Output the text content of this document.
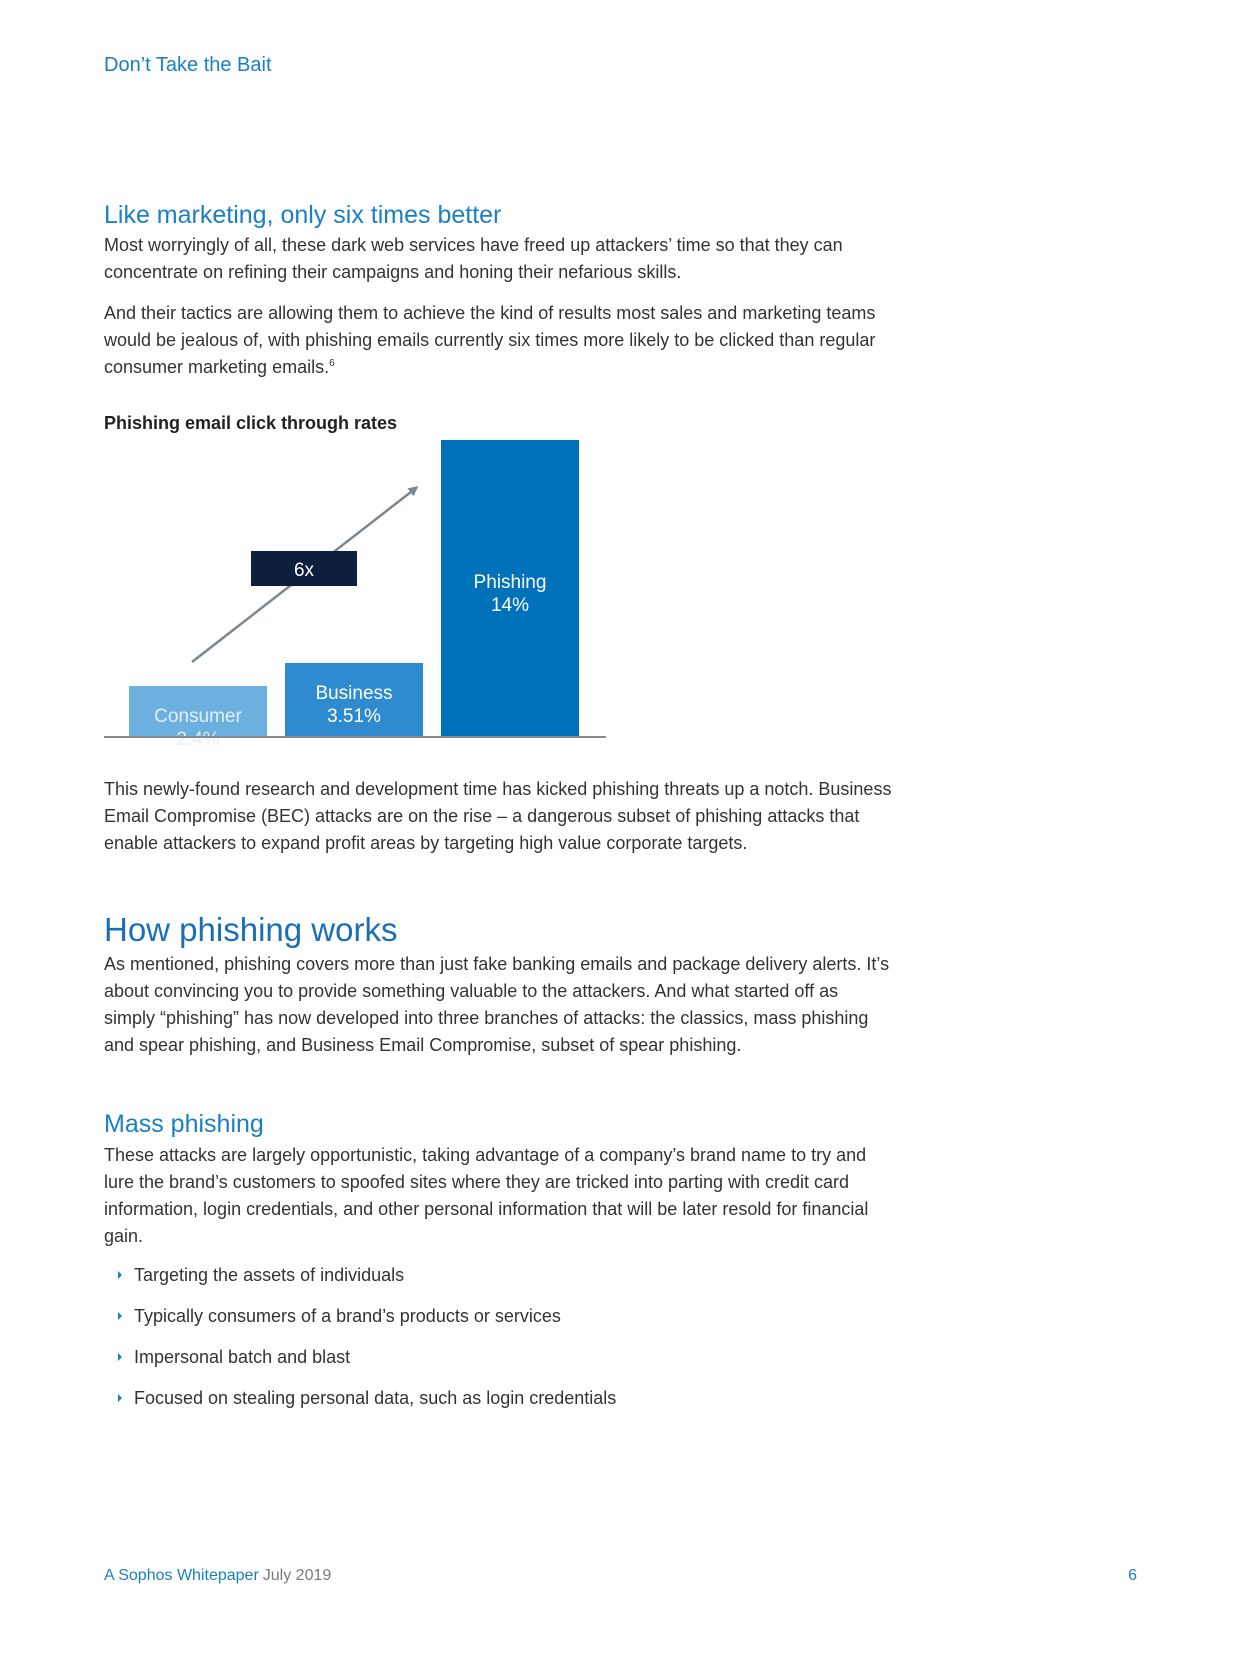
Don’t Take the Bait
Like marketing, only six times better

Most worryingly of all, these dark web services have freed up attackers’ time so that they can concentrate on refining their campaigns and honing their nefarious skills.

And their tactics are allowing them to achieve the kind of results most sales and marketing teams would be jealous of, with phishing emails currently six times more likely to be clicked than regular consumer marketing emails.$^6$

Phishing email click through rates
Consumer
2.4%
Business
3.51%
Phishing
14%
6x

This newly-found research and development time has kicked phishing threats up a notch. Business Email Compromise (BEC) attacks are on the rise – a dangerous subset of phishing attacks that enable attackers to expand profit areas by targeting high value corporate targets.

How phishing works

As mentioned, phishing covers more than just fake banking emails and package delivery alerts. It’s about convincing you to provide something valuable to the attackers. And what started off as simply “phishing” has now developed into three branches of attacks: the classics, mass phishing and spear phishing, and Business Email Compromise, subset of spear phishing.

Mass phishing

These attacks are largely opportunistic, taking advantage of a company’s brand name to try and lure the brand’s customers to spoofed sites where they are tricked into parting with credit card information, login credentials, and other personal information that will be later resold for financial gain.

Targeting the assets of individuals
Typically consumers of a brand’s products or services
Impersonal batch and blast
Focused on stealing personal data, such as login credentials
A Sophos Whitepaper July 2019	6
